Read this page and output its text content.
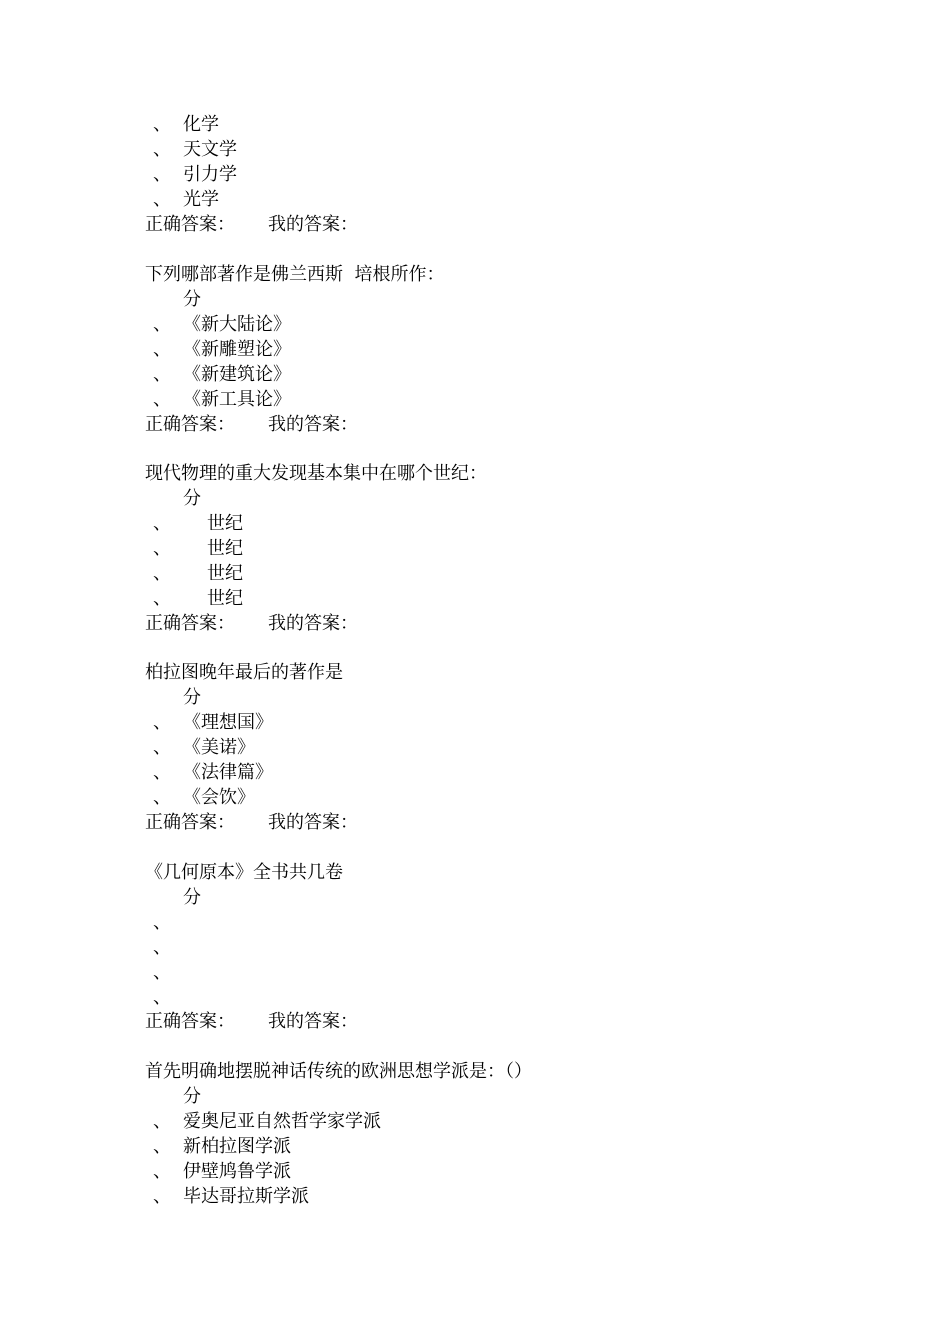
、 化学
、 天文学
、 引力学
、 光学
正确答案： 我的答案：
下列哪部著作是佛兰西斯  培根所作：
分
、 《新大陆论》
、 《新雕塑论》
、 《新建筑论》
、 《新工具论》
正确答案： 我的答案：
现代物理的重大发现基本集中在哪个世纪：
分
、 世纪
、 世纪
、 世纪
、 世纪
正确答案： 我的答案：
柏拉图晚年最后的著作是
分
、 《理想国》
、 《美诺》
、 《法律篇》
、 《会饮》
正确答案： 我的答案：
《几何原本》全书共几卷
分
、
、
、
、
正确答案： 我的答案：
首先明确地摆脱神话传统的欧洲思想学派是：（）
分
、 爱奥尼亚自然哲学家学派
、 新柏拉图学派
、 伊壁鸠鲁学派
、 毕达哥拉斯学派
